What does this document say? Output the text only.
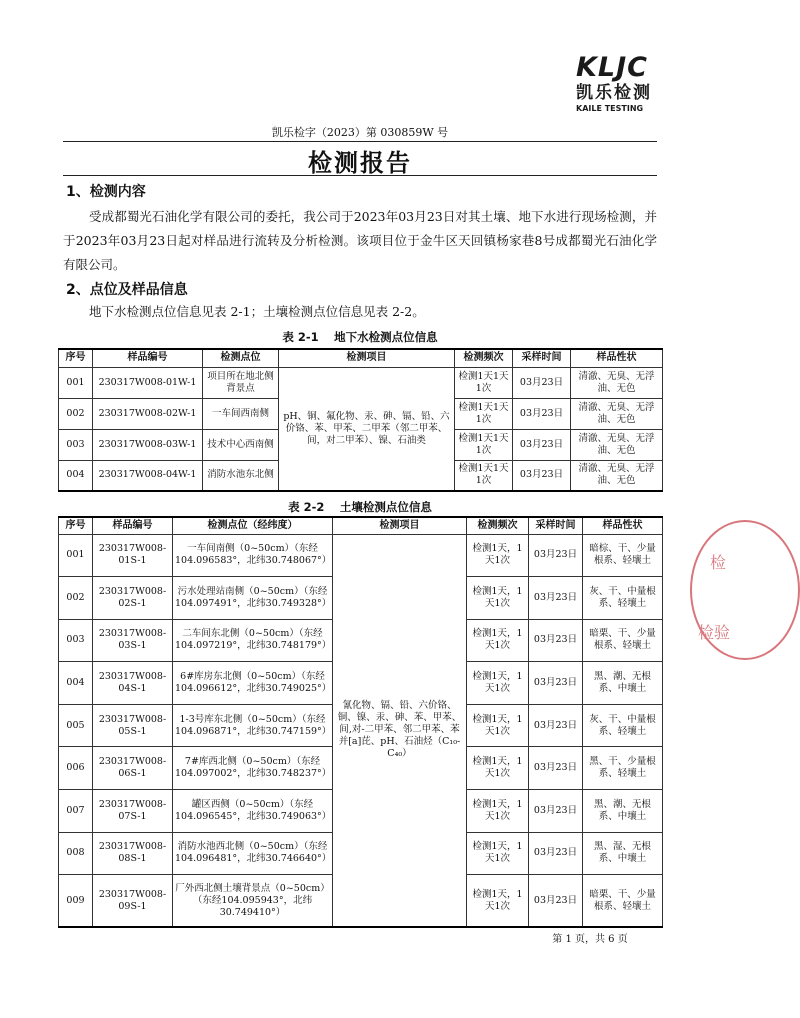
KLJC
凯乐检测
KAILE TESTING
凯乐检字（2023）第 030859W 号
检测报告
1、检测内容
受成都蜀光石油化学有限公司的委托，我公司于2023年03月23日对其土壤、地下水进行现场检测，并于2023年03月23日起对样品进行流转及分析检测。该项目位于金牛区天回镇杨家巷8号成都蜀光石油化学有限公司。
2、点位及样品信息
地下水检测点位信息见表 2-1；土壤检测点位信息见表 2-2。
表 2-1　 地下水检测点位信息
序号	样品编号	检测点位	检测项目	检测频次	采样时间	样品性状
001	230317W008-01W-1	项目所在地北侧背景点	pH、铜、氟化物、汞、砷、镉、铅、六价铬、苯、甲苯、二甲苯（邻二甲苯、间，对二甲苯）、镍、石油类	检测1天1天1次	03月23日	清澈、无臭、无浮油、无色
002	230317W008-02W-1	一车间西南侧		检测1天1天1次	03月23日	清澈、无臭、无浮油、无色
003	230317W008-03W-1	技术中心西南侧		检测1天1天1次	03月23日	清澈、无臭、无浮油、无色
004	230317W008-04W-1	消防水池东北侧		检测1天1天1次	03月23日	清澈、无臭、无浮油、无色
表 2-2　 土壤检测点位信息
序号	样品编号	检测点位（经纬度）	检测项目	检测频次	采样时间	样品性状
001	230317W008-01S-1	一车间南侧（0~50cm）（东经104.096583°，北纬30.748067°）	氰化物、镉、铅、六价铬、铜、镍、汞、砷、苯、甲苯、间,对-二甲苯、邻二甲苯、苯并[a]芘、pH、石油烃（C₁₀-C₄₀）	检测1天，1天1次	03月23日	暗棕、干、少量根系、轻壤土
002	230317W008-02S-1	污水处理站南侧（0~50cm）（东经104.097491°，北纬30.749328°）		检测1天，1天1次	03月23日	灰、干、中量根系、轻壤土
003	230317W008-03S-1	二车间东北侧（0~50cm）（东经104.097219°，北纬30.748179°）		检测1天，1天1次	03月23日	暗栗、干、少量根系、轻壤土
004	230317W008-04S-1	6#库房东北侧（0~50cm）（东经104.096612°，北纬30.749025°）		检测1天，1天1次	03月23日	黑、潮、无根系、中壤土
005	230317W008-05S-1	1-3号库东北侧（0~50cm）（东经104.096871°，北纬30.747159°）		检测1天，1天1次	03月23日	灰、干、中量根系、轻壤土
006	230317W008-06S-1	7#库西北侧（0~50cm）（东经104.097002°，北纬30.748237°）		检测1天，1天1次	03月23日	黑、干、少量根系、轻壤土
007	230317W008-07S-1	罐区西侧（0~50cm）（东经104.096545°，北纬30.749063°）		检测1天，1天1次	03月23日	黑、潮、无根系、中壤土
008	230317W008-08S-1	消防水池西北侧（0~50cm）（东经104.096481°，北纬30.746640°）		检测1天，1天1次	03月23日	黑、湿、无根系、中壤土
009	230317W008-09S-1	厂外西北侧土壤背景点（0~50cm）（东经104.095943°，北纬30.749410°）		检测1天，1天1次	03月23日	暗栗、干、少量根系、轻壤土
第 1 页，共 6 页
检
检验
